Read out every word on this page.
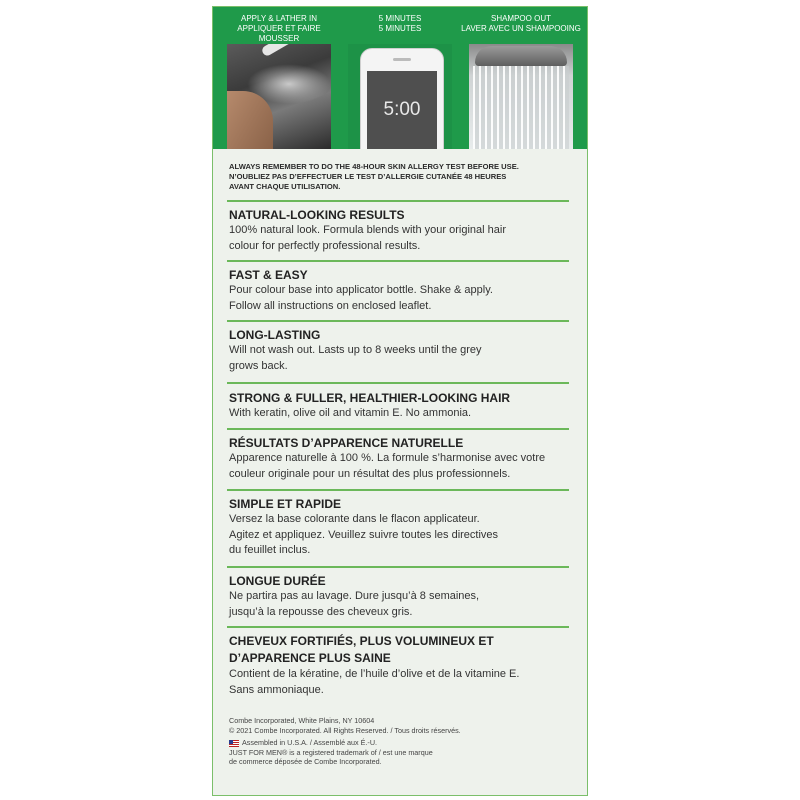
APPLY & LATHER IN
APPLIQUER ET FAIRE MOUSSER
5 MINUTES
5 MINUTES
5:00
SHAMPOO OUT
LAVER AVEC UN SHAMPOOING
ALWAYS REMEMBER TO DO THE 48-HOUR SKIN ALLERGY TEST BEFORE USE.
N’OUBLIEZ PAS D’EFFECTUER LE TEST D’ALLERGIE CUTANÉE 48 HEURES
AVANT CHAQUE UTILISATION.
NATURAL-LOOKING RESULTS
100% natural look. Formula blends with your original hair
colour for perfectly professional results.
FAST & EASY
Pour colour base into applicator bottle. Shake & apply.
Follow all instructions on enclosed leaflet.
LONG-LASTING
Will not wash out. Lasts up to 8 weeks until the grey
grows back.
STRONG & FULLER, HEALTHIER-LOOKING HAIR
With keratin, olive oil and vitamin E. No ammonia.
RÉSULTATS D’APPARENCE NATURELLE
Apparence naturelle à 100 %. La formule s’harmonise avec votre
couleur originale pour un résultat des plus professionnels.
SIMPLE ET RAPIDE
Versez la base colorante dans le flacon applicateur.
Agitez et appliquez. Veuillez suivre toutes les directives
du feuillet inclus.
LONGUE DURÉE
Ne partira pas au lavage. Dure jusqu’à 8 semaines,
jusqu’à la repousse des cheveux gris.
CHEVEUX FORTIFIÉS, PLUS VOLUMINEUX ET
D’APPARENCE PLUS SAINE
Contient de la kératine, de l’huile d’olive et de la vitamine E.
Sans ammoniaque.
Combe Incorporated, White Plains, NY 10604
© 2021 Combe Incorporated. All Rights Reserved. / Tous droits réservés.
Assembled in U.S.A. / Assemblé aux É.-U.
JUST FOR MEN® is a registered trademark of / est une marque
de commerce déposée de Combe Incorporated.
